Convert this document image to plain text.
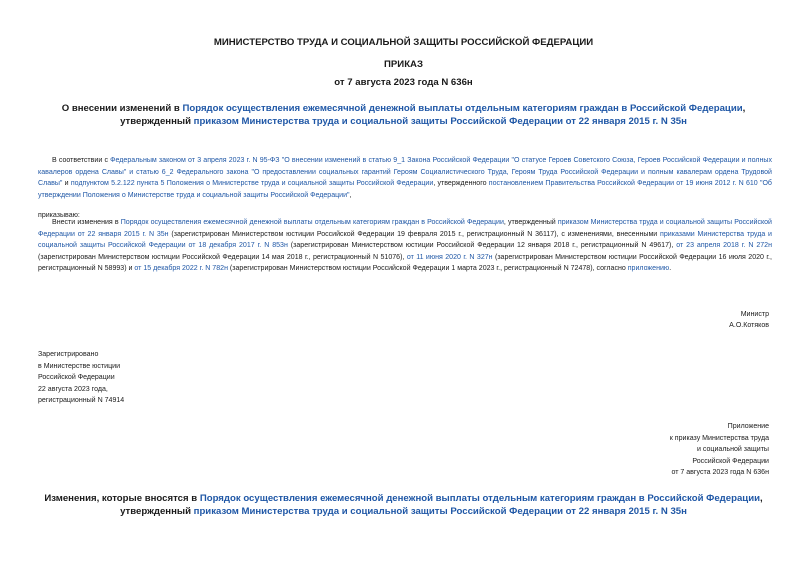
МИНИСТЕРСТВО ТРУДА И СОЦИАЛЬНОЙ ЗАЩИТЫ РОССИЙСКОЙ ФЕДЕРАЦИИ
ПРИКАЗ
от 7 августа 2023 года N 636н
О внесении изменений в Порядок осуществления ежемесячной денежной выплаты отдельным категориям граждан в Российской Федерации, утвержденный приказом Министерства труда и социальной защиты Российской Федерации от 22 января 2015 г. N 35н
В соответствии с Федеральным законом от 3 апреля 2023 г. N 95-ФЗ "О внесении изменений в статью 9_1 Закона Российской Федерации "О статусе Героев Советского Союза, Героев Российской Федерации и полных кавалеров ордена Славы" и статью 6_2 Федерального закона "О предоставлении социальных гарантий Героям Социалистического Труда, Героям Труда Российской Федерации и полным кавалерам ордена Трудовой Славы" и подпунктом 5.2.122 пункта 5 Положения о Министерстве труда и социальной защиты Российской Федерации, утвержденного постановлением Правительства Российской Федерации от 19 июня 2012 г. N 610 "Об утверждении Положения о Министерстве труда и социальной защиты Российской Федерации",
приказываю:
Внести изменения в Порядок осуществления ежемесячной денежной выплаты отдельным категориям граждан в Российской Федерации, утвержденный приказом Министерства труда и социальной защиты Российской Федерации от 22 января 2015 г. N 35н (зарегистрирован Министерством юстиции Российской Федерации 19 февраля 2015 г., регистрационный N 36117), с изменениями, внесенными приказами Министерства труда и социальной защиты Российской Федерации от 18 декабря 2017 г. N 853н (зарегистрирован Министерством юстиции Российской Федерации 12 января 2018 г., регистрационный N 49617), от 23 апреля 2018 г. N 272н (зарегистрирован Министерством юстиции Российской Федерации 14 мая 2018 г., регистрационный N 51076), от 11 июня 2020 г. N 327н (зарегистрирован Министерством юстиции Российской Федерации 16 июля 2020 г., регистрационный N 58993) и от 15 декабря 2022 г. N 782н (зарегистрирован Министерством юстиции Российской Федерации 1 марта 2023 г., регистрационный N 72478), согласно приложению.
Министр
А.О.Котяков
Зарегистрировано
в Министерстве юстиции
Российской Федерации
22 августа 2023 года,
регистрационный N 74914
Приложение
к приказу Министерства труда
и социальной защиты
Российской Федерации
от 7 августа 2023 года N 636н
Изменения, которые вносятся в Порядок осуществления ежемесячной денежной выплаты отдельным категориям граждан в Российской Федерации, утвержденный приказом Министерства труда и социальной защиты Российской Федерации от 22 января 2015 г. N 35н
